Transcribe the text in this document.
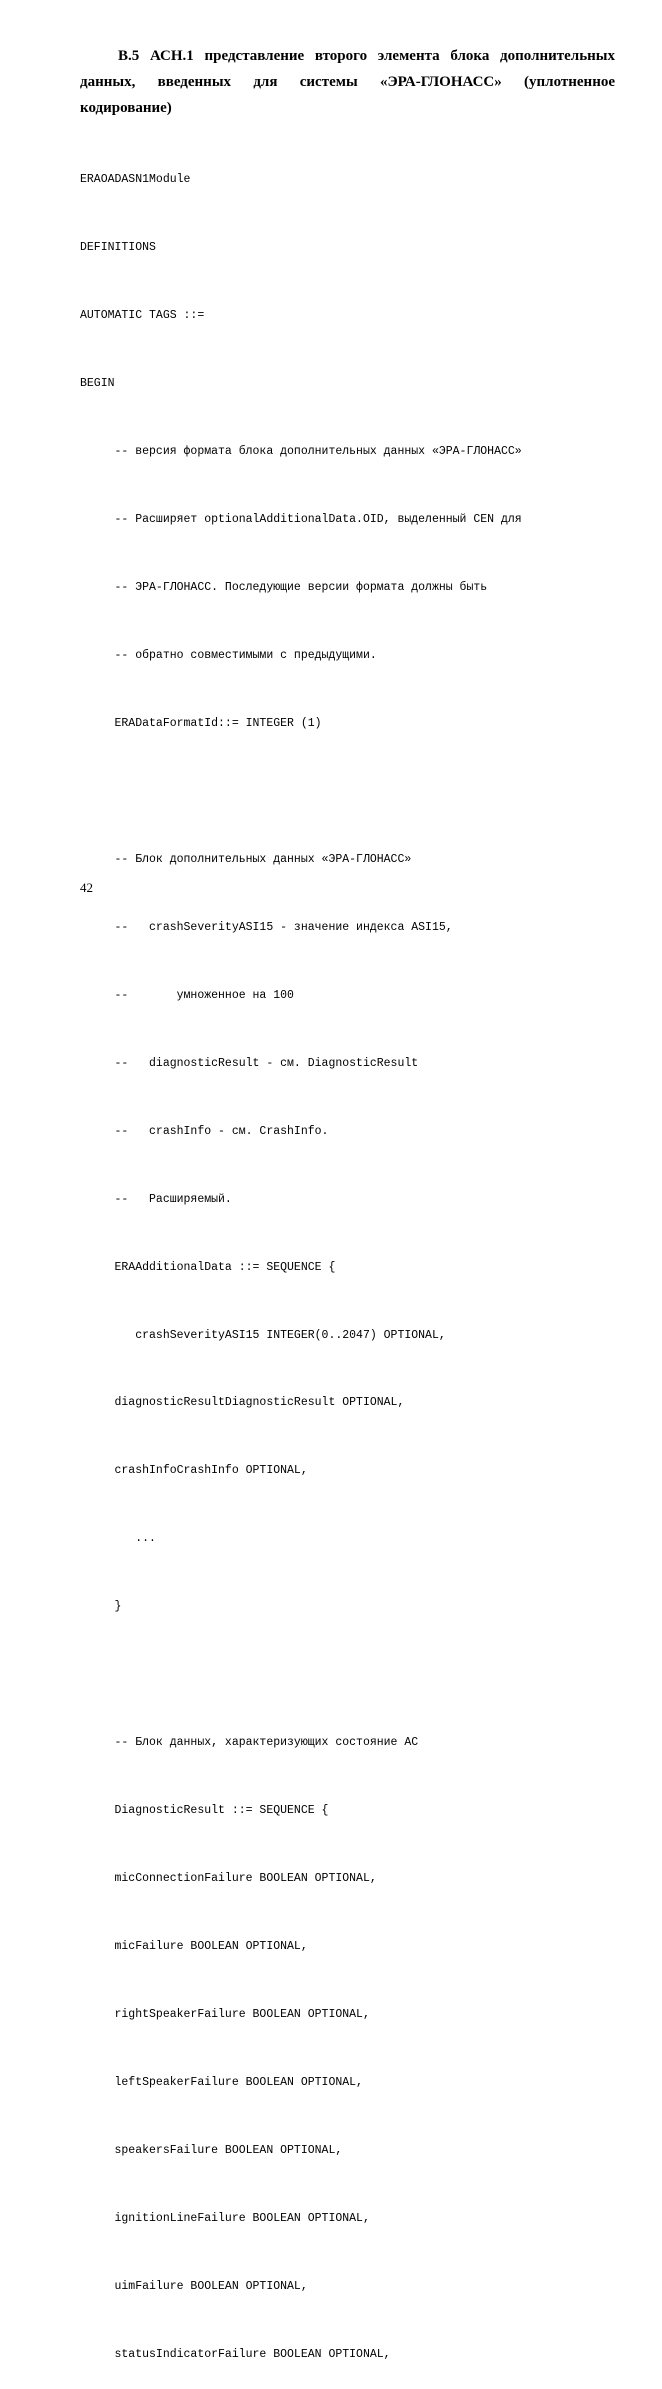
В.5 АСН.1 представление второго элемента блока дополнительных данных, введенных для системы «ЭРА-ГЛОНАСС» (уплотненное кодирование)

ERAOADASN1Module

DEFINITIONS

AUTOMATIC TAGS ::=

BEGIN

-- версия формата блока дополнительных данных «ЭРА-ГЛОНАСС»

-- Расширяет optionalAdditionalData.OID, выделенный CEN для

-- ЭРА-ГЛОНАСС. Последующие версии формата должны быть

-- обратно совместимыми с предыдущими.

ERADataFormatId::= INTEGER (1)

-- Блок дополнительных данных «ЭРА-ГЛОНАСС»

--   crashSeverityASI15 - значение индекса ASI15,

--       умноженное на 100

--   diagnosticResult - см. DiagnosticResult

--   crashInfo - см. CrashInfo.

--   Расширяемый.

ERAAdditionalData ::= SEQUENCE {

crashSeverityASI15 INTEGER(0..2047) OPTIONAL,

diagnosticResultDiagnosticResult OPTIONAL,

crashInfoCrashInfo OPTIONAL,

...

}

-- Блок данных, характеризующих состояние АС

DiagnosticResult ::= SEQUENCE {

micConnectionFailure BOOLEAN OPTIONAL,

micFailure BOOLEAN OPTIONAL,

rightSpeakerFailure BOOLEAN OPTIONAL,

leftSpeakerFailure BOOLEAN OPTIONAL,

speakersFailure BOOLEAN OPTIONAL,

ignitionLineFailure BOOLEAN OPTIONAL,

uimFailure BOOLEAN OPTIONAL,

statusIndicatorFailure BOOLEAN OPTIONAL,

42
